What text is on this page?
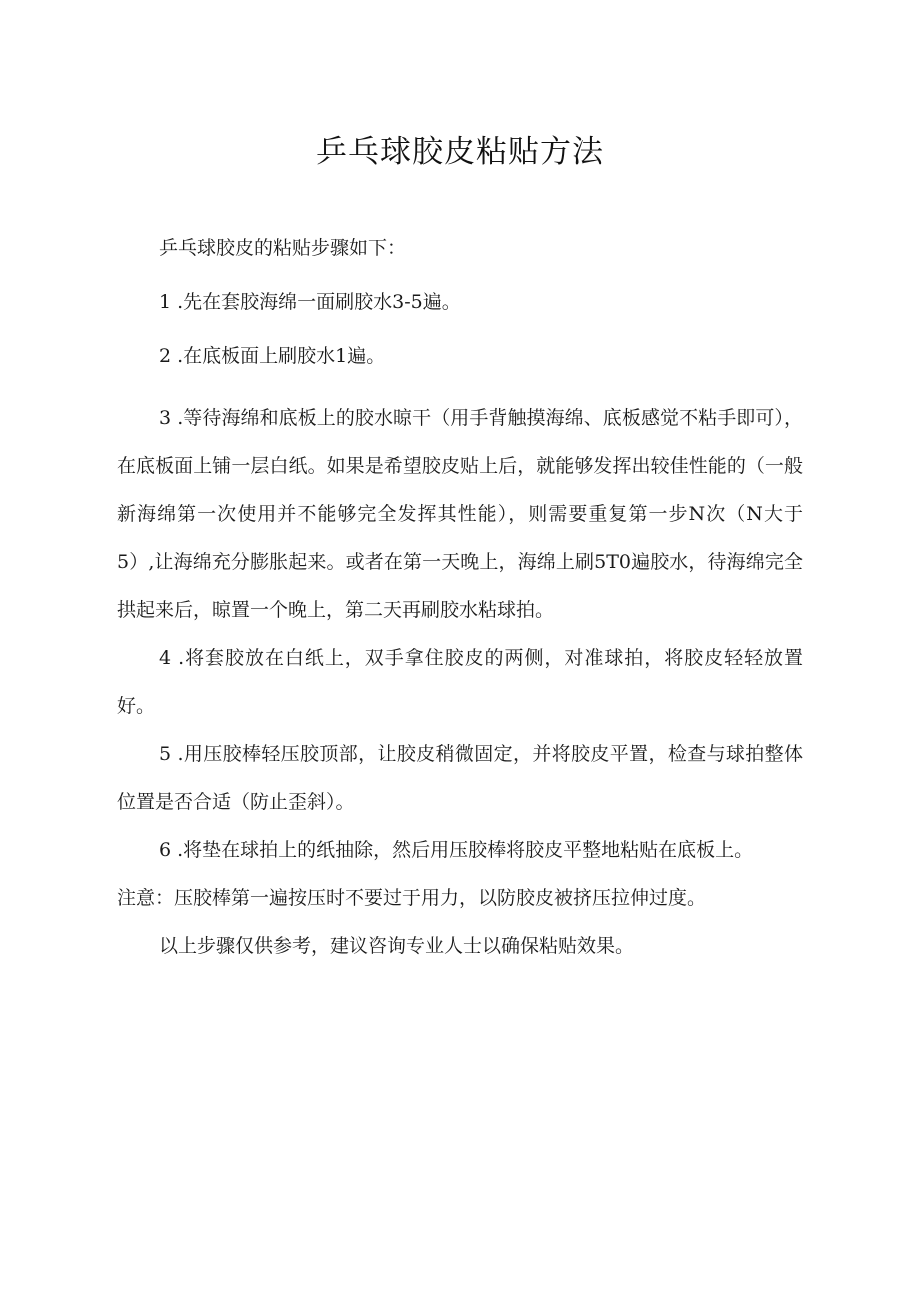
乒乓球胶皮粘贴方法

乒乓球胶皮的粘贴步骤如下：

1 .先在套胶海绵一面刷胶水3-5遍。

2 .在底板面上刷胶水1遍。

3 .等待海绵和底板上的胶水晾干（用手背触摸海绵、底板感觉不粘手即可），在底板面上铺一层白纸。如果是希望胶皮贴上后，就能够发挥出较佳性能的（一般新海绵第一次使用并不能够完全发挥其性能），则需要重复第一步N次（N大于5）,让海绵充分膨胀起来。或者在第一天晚上，海绵上刷5T0遍胶水，待海绵完全拱起来后，晾置一个晚上，第二天再刷胶水粘球拍。

4 .将套胶放在白纸上，双手拿住胶皮的两侧，对准球拍，将胶皮轻轻放置好。

5 .用压胶棒轻压胶顶部，让胶皮稍微固定，并将胶皮平置，检查与球拍整体位置是否合适（防止歪斜）。

6 .将垫在球拍上的纸抽除，然后用压胶棒将胶皮平整地粘贴在底板上。

注意：压胶棒第一遍按压时不要过于用力，以防胶皮被挤压拉伸过度。

以上步骤仅供参考，建议咨询专业人士以确保粘贴效果。
